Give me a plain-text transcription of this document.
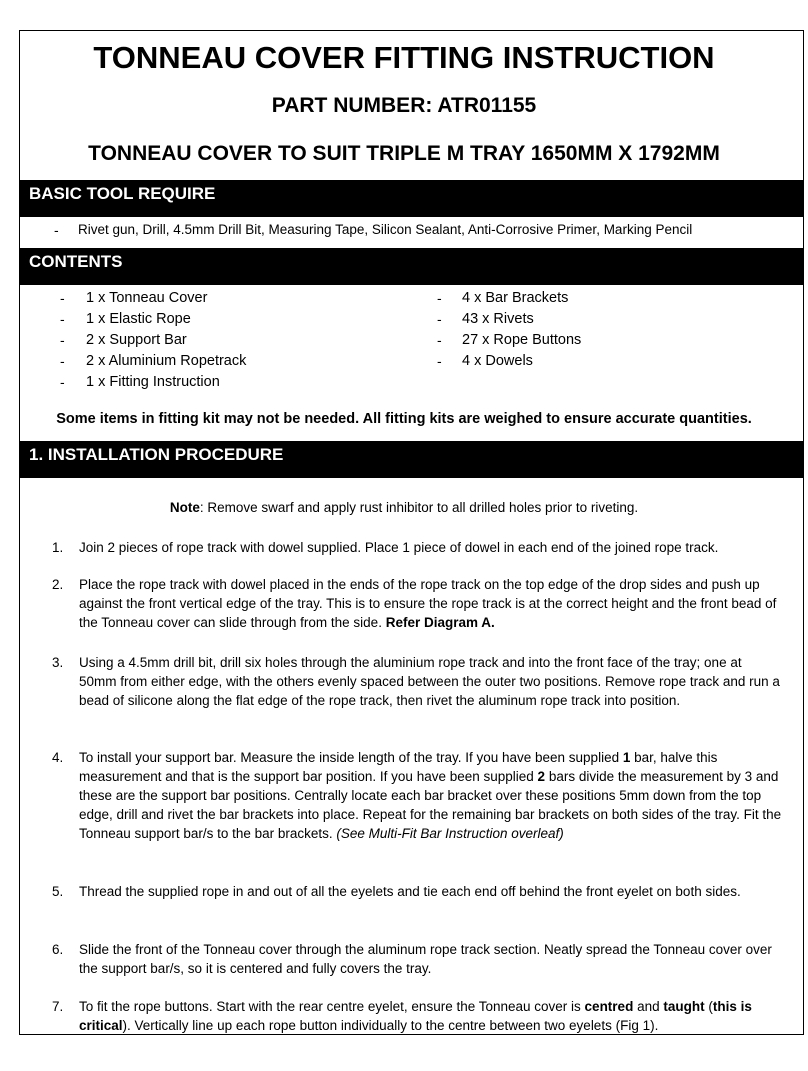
TONNEAU COVER FITTING INSTRUCTION
PART NUMBER: ATR01155
TONNEAU COVER TO SUIT TRIPLE M TRAY 1650MM X 1792MM
BASIC TOOL REQUIRE
- Rivet gun, Drill, 4.5mm Drill Bit, Measuring Tape, Silicon Sealant, Anti-Corrosive Primer, Marking Pencil
CONTENTS
- 1 x Tonneau Cover
- 1 x Elastic Rope
- 2 x Support Bar
- 2 x Aluminium Ropetrack
- 1 x Fitting Instruction
- 4 x Bar Brackets
- 43 x Rivets
- 27 x Rope Buttons
- 4 x Dowels
Some items in fitting kit may not be needed. All fitting kits are weighed to ensure accurate quantities.
1. INSTALLATION PROCEDURE
Note: Remove swarf and apply rust inhibitor to all drilled holes prior to riveting.
1.	Join 2 pieces of rope track with dowel supplied. Place 1 piece of dowel in each end of the joined rope track.
2.	Place the rope track with dowel placed in the ends of the rope track on the top edge of the drop sides and push up against the front vertical edge of the tray. This is to ensure the rope track is at the correct height and the front bead of the Tonneau cover can slide through from the side. Refer Diagram A.
3.	Using a 4.5mm drill bit, drill six holes through the aluminium rope track and into the front face of the tray; one at 50mm from either edge, with the others evenly spaced between the outer two positions. Remove rope track and run a bead of silicone along the flat edge of the rope track, then rivet the aluminum rope track into position.
4.	To install your support bar. Measure the inside length of the tray. If you have been supplied 1 bar, halve this measurement and that is the support bar position. If you have been supplied 2 bars divide the measurement by 3 and these are the support bar positions. Centrally locate each bar bracket over these positions 5mm down from the top edge, drill and rivet the bar brackets into place. Repeat for the remaining bar brackets on both sides of the tray. Fit the Tonneau support bar/s to the bar brackets. (See Multi-Fit Bar Instruction overleaf)
5.	Thread the supplied rope in and out of all the eyelets and tie each end off behind the front eyelet on both sides.
6.	Slide the front of the Tonneau cover through the aluminum rope track section. Neatly spread the Tonneau cover over the support bar/s, so it is centered and fully covers the tray.
7.	To fit the rope buttons. Start with the rear centre eyelet, ensure the Tonneau cover is centred and taught (this is critical). Vertically line up each rope button individually to the centre between two eyelets (Fig 1).
